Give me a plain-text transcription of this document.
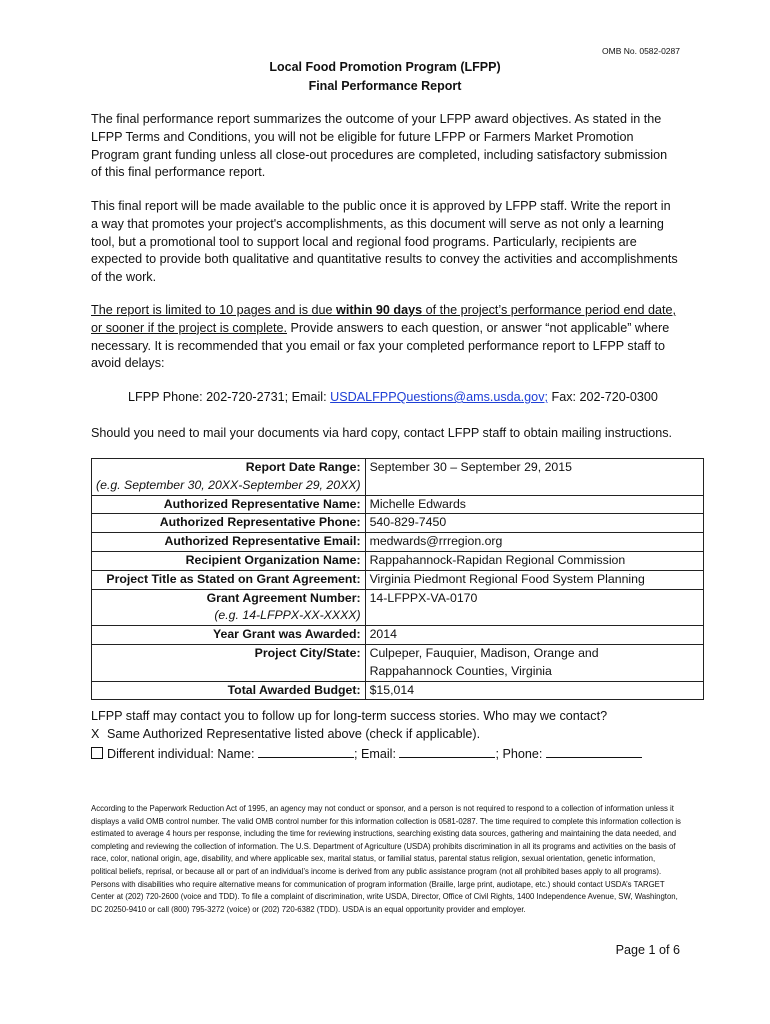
OMB No. 0582-0287
Local Food Promotion Program (LFPP)
Final Performance Report
The final performance report summarizes the outcome of your LFPP award objectives. As stated in the LFPP Terms and Conditions, you will not be eligible for future LFPP or Farmers Market Promotion Program grant funding unless all close-out procedures are completed, including satisfactory submission of this final performance report.
This final report will be made available to the public once it is approved by LFPP staff. Write the report in a way that promotes your project's accomplishments, as this document will serve as not only a learning tool, but a promotional tool to support local and regional food programs. Particularly, recipients are expected to provide both qualitative and quantitative results to convey the activities and accomplishments of the work.
The report is limited to 10 pages and is due within 90 days of the project’s performance period end date, or sooner if the project is complete. Provide answers to each question, or answer “not applicable” where necessary. It is recommended that you email or fax your completed performance report to LFPP staff to avoid delays:
LFPP Phone: 202-720-2731; Email: USDALFPPQuestions@ams.usda.gov; Fax: 202-720-0300
Should you need to mail your documents via hard copy, contact LFPP staff to obtain mailing instructions.
Report Date Range:
(e.g. September 30, 20XX-September 29, 20XX)	September 30 – September 29, 2015

Authorized Representative Name:	Michelle Edwards

Authorized Representative Phone:	540-829-7450

Authorized Representative Email:	medwards@rrregion.org

Recipient Organization Name:	Rappahannock-Rapidan Regional Commission

Project Title as Stated on Grant Agreement:	Virginia Piedmont Regional Food System Planning

Grant Agreement Number:
(e.g. 14-LFPPX-XX-XXXX)	14-LFPPX-VA-0170

Year Grant was Awarded:	2014

Project City/State:	Culpeper, Fauquier, Madison, Orange and
Rappahannock Counties, Virginia

Total Awarded Budget:	$15,014
LFPP staff may contact you to follow up for long-term success stories. Who may we contact?
X Same Authorized Representative listed above (check if applicable).
Different individual: Name:	; Email:	; Phone:
According to the Paperwork Reduction Act of 1995, an agency may not conduct or sponsor, and a person is not required to respond to a collection of information unless it displays a valid OMB control number. The valid OMB control number for this information collection is 0581-0287. The time required to complete this information collection is estimated to average 4 hours per response, including the time for reviewing instructions, searching existing data sources, gathering and maintaining the data needed, and completing and reviewing the collection of information. The U.S. Department of Agriculture (USDA) prohibits discrimination in all its programs and activities on the basis of race, color, national origin, age, disability, and where applicable sex, marital status, or familial status, parental status religion, sexual orientation, genetic information, political beliefs, reprisal, or because all or part of an individual’s income is derived from any public assistance program (not all prohibited bases apply to all programs). Persons with disabilities who require alternative means for communication of program information (Braille, large print, audiotape, etc.) should contact USDA’s TARGET Center at (202) 720-2600 (voice and TDD). To file a complaint of discrimination, write USDA, Director, Office of Civil Rights, 1400 Independence Avenue, SW, Washington, DC 20250-9410 or call (800) 795-3272 (voice) or (202) 720-6382 (TDD). USDA is an equal opportunity provider and employer.
Page 1 of 6
